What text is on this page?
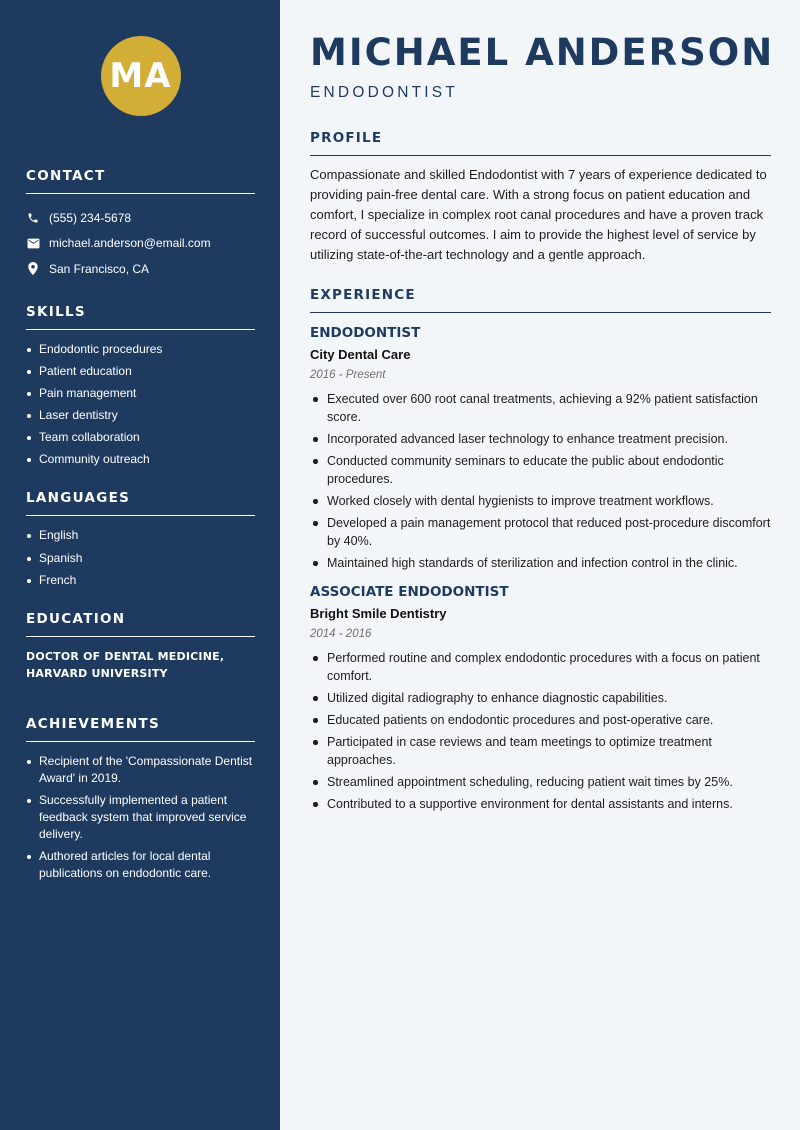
MA
CONTACT
(555) 234-5678
michael.anderson@email.com
San Francisco, CA
SKILLS
Endodontic procedures
Patient education
Pain management
Laser dentistry
Team collaboration
Community outreach
LANGUAGES
English
Spanish
French
EDUCATION
DOCTOR OF DENTAL MEDICINE,
HARVARD UNIVERSITY
ACHIEVEMENTS
Recipient of the 'Compassionate Dentist Award' in 2019.
Successfully implemented a patient feedback system that improved service delivery.
Authored articles for local dental publications on endodontic care.
MICHAEL ANDERSON
ENDODONTIST
PROFILE

Compassionate and skilled Endodontist with 7 years of experience dedicated to providing pain-free dental care. With a strong focus on patient education and comfort, I specialize in complex root canal procedures and have a proven track record of successful outcomes. I aim to provide the highest level of service by utilizing state-of-the-art technology and a gentle approach.

EXPERIENCE
ENDODONTIST
City Dental Care
2016 - Present
Executed over 600 root canal treatments, achieving a 92% patient satisfaction score.
Incorporated advanced laser technology to enhance treatment precision.
Conducted community seminars to educate the public about endodontic procedures.
Worked closely with dental hygienists to improve treatment workflows.
Developed a pain management protocol that reduced post-procedure discomfort by 40%.
Maintained high standards of sterilization and infection control in the clinic.
ASSOCIATE ENDODONTIST
Bright Smile Dentistry
2014 - 2016
Performed routine and complex endodontic procedures with a focus on patient comfort.
Utilized digital radiography to enhance diagnostic capabilities.
Educated patients on endodontic procedures and post-operative care.
Participated in case reviews and team meetings to optimize treatment approaches.
Streamlined appointment scheduling, reducing patient wait times by 25%.
Contributed to a supportive environment for dental assistants and interns.
